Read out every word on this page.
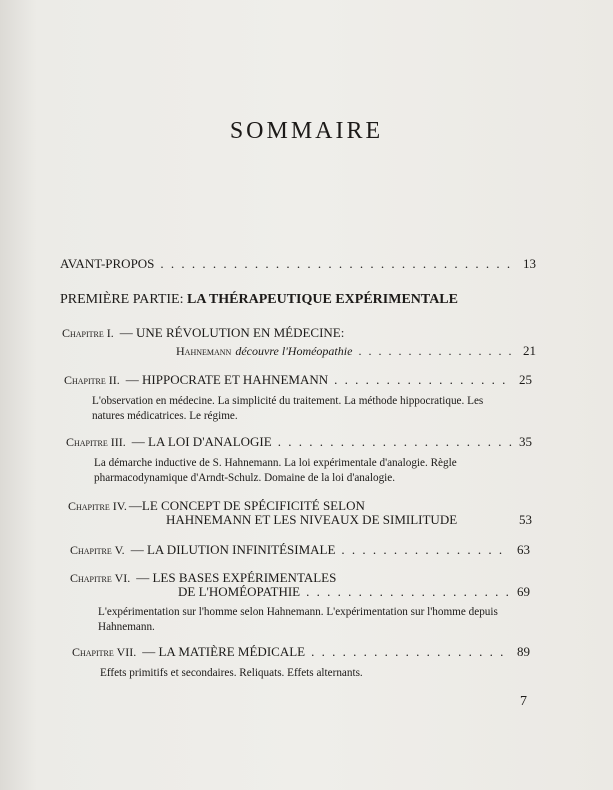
SOMMAIRE
AVANT-PROPOS . . .	13
PREMIÈRE PARTIE: LA THÉRAPEUTIQUE EXPÉRIMENTALE
Chapitre I. — UNE RÉVOLUTION EN MÉDECINE:
Hahnemann découvre l'Homéopathie . . .	21
Chapitre II. — HIPPOCRATE ET HAHNEMANN . . .	25
L'observation en médecine. La simplicité du traitement. La méthode hippocratique. Les natures médicatrices. Le régime.
Chapitre III. — LA LOI D'ANALOGIE . . .	35
La démarche inductive de S. Hahnemann. La loi expérimentale d'analogie. Règle pharmacodynamique d'Arndt-Schulz. Domaine de la loi d'analogie.
Chapitre IV. —LE CONCEPT DE SPÉCIFICITÉ SELON
HAHNEMANN ET LES NIVEAUX DE SIMILITUDE	53
Chapitre V. — LA DILUTION INFINITÉSIMALE . . .	63
Chapitre VI. — LES BASES EXPÉRIMENTALES
DE L'HOMÉOPATHIE . . .	69
L'expérimentation sur l'homme selon Hahnemann. L'expérimentation sur l'homme depuis Hahnemann.
Chapitre VII. — LA MATIÈRE MÉDICALE . . .	89
Effets primitifs et secondaires. Reliquats. Effets alternants.
7
